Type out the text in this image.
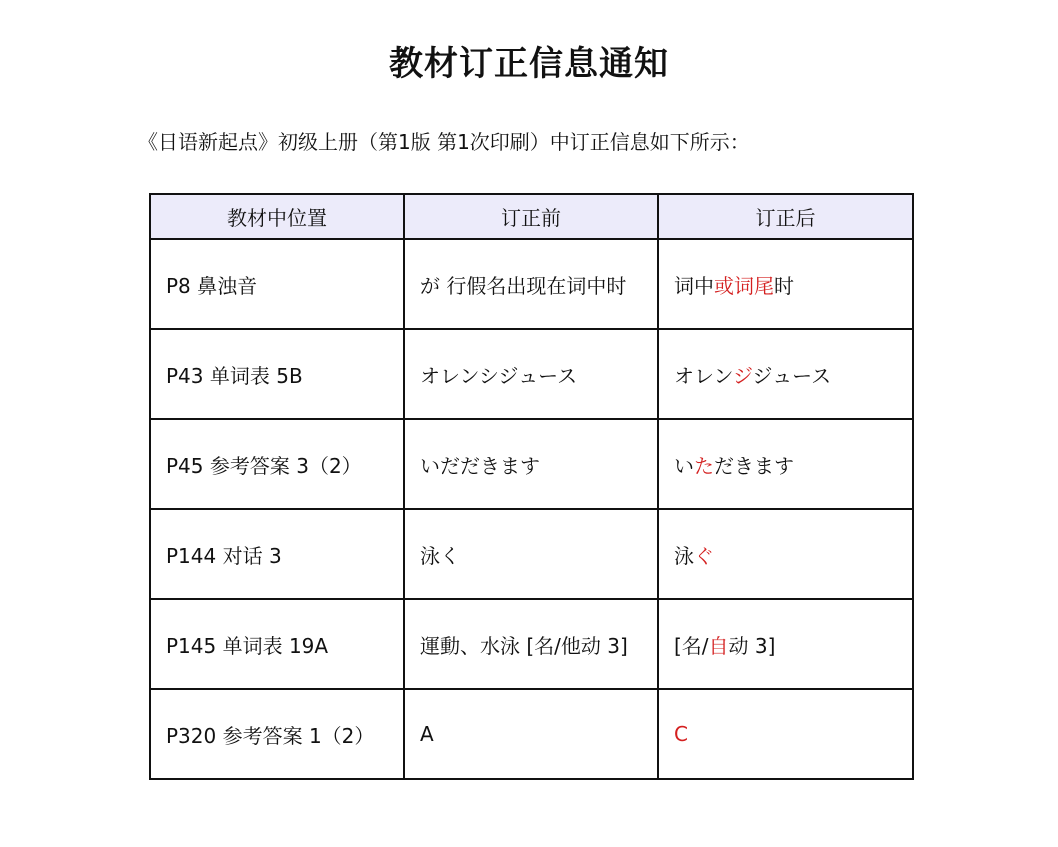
教材订正信息通知
《日语新起点》初级上册（第1版 第1次印刷）中订正信息如下所示：
教材中位置	订正前	订正后
P8 鼻浊音	が 行假名出现在词中时	词中或词尾时
P43 单词表 5B	オレンシジュース	オレンジジュース
P45 参考答案 3（2）	いだだきます	いただきます
P144 对话 3	泳く	泳ぐ
P145 单词表 19A	運動、水泳 [名/他动 3]	[名/自动 3]
P320 参考答案 1（2）	A	C
